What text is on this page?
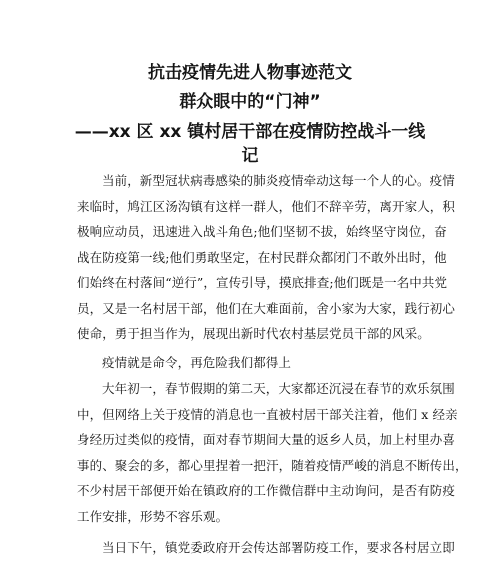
抗击疫情先进人物事迹范文
群众眼中的“门神”
——xx 区 xx 镇村居干部在疫情防控战斗一线
记

当前，新型冠状病毒感染的肺炎疫情牵动这每一个人的心。疫情
来临时，鸠江区汤沟镇有这样一群人，他们不辞辛劳，离开家人，积
极响应动员，迅速进入战斗角色;他们坚韧不拔，始终坚守岗位，奋
战在防疫第一线;他们勇敢坚定，在村民群众都闭门不敢外出时，他
们始终在村落间“逆行”，宣传引导，摸底排查;他们既是一名中共党
员，又是一名村居干部，他们在大难面前，舍小家为大家，践行初心
使命，勇于担当作为，展现出新时代农村基层党员干部的风采。

疫情就是命令，再危险我们都得上

大年初一，春节假期的第二天，大家都还沉浸在春节的欢乐氛围
中，但网络上关于疫情的消息也一直被村居干部关注着，他们 x 经亲
身经历过类似的疫情，面对春节期间大量的返乡人员，加上村里办喜
事的、聚会的多，都心里捏着一把汗，随着疫情严峻的消息不断传出，
不少村居干部便开始在镇政府的工作微信群中主动询问，是否有防疫
工作安排，形势不容乐观。

当日下午，镇党委政府开会传达部署防疫工作，要求各村居立即
